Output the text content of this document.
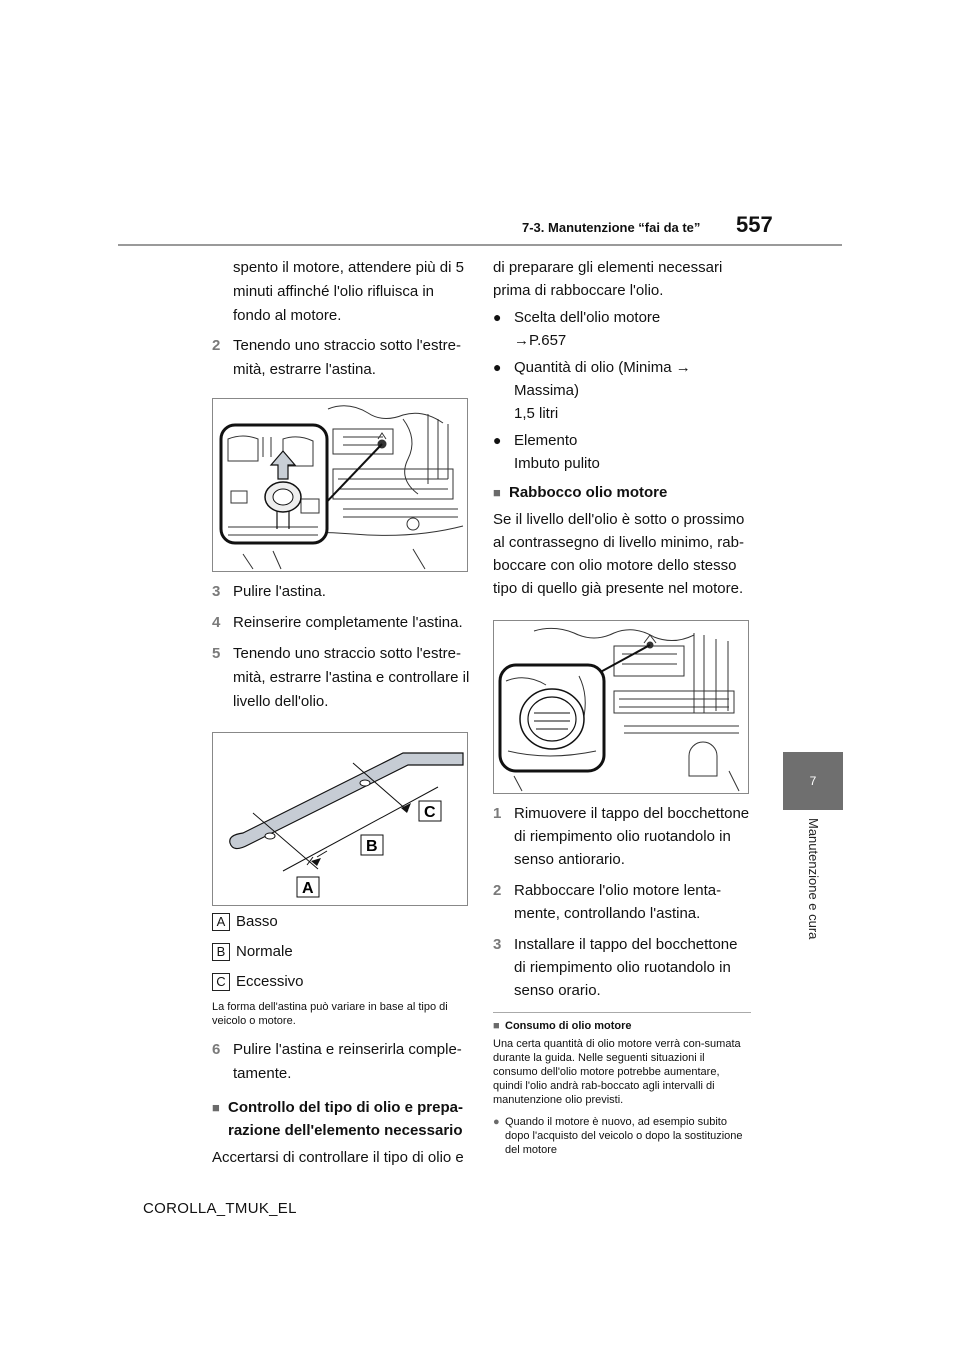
7-3. Manutenzione “fai da te” 557
7
Manutenzione e cura

spento il motore, attendere più di 5 minuti affinché l'olio rifluisca in fondo al motore.

2 Tenendo uno straccio sotto l'estre-mità, estrarre l'astina.
3 Pulire l'astina.
4 Reinserire completamente l'astina.
5 Tenendo uno straccio sotto l'estre-mità, estrarre l'astina e controllare il livello dell'olio.
C
B
A
A Basso
B Normale
C Eccessivo

La forma dell'astina può variare in base al tipo di veicolo o motore.

6 Pulire l'astina e reinserirla comple-tamente.
■ Controllo del tipo di olio e prepa-razione dell'elemento necessario

Accertarsi di controllare il tipo di olio e

di preparare gli elementi necessari prima di rabboccare l'olio.

● Scelta dell'olio motore
→P.657
● Quantità di olio (Minima → Massima)
1,5 litri
● Elemento
Imbuto pulito
■ Rabbocco olio motore

Se il livello dell'olio è sotto o prossimo al contrassegno di livello minimo, rab-boccare con olio motore dello stesso tipo di quello già presente nel motore.

1 Rimuovere il tappo del bocchettone di riempimento olio ruotandolo in senso antiorario.
2 Rabboccare l'olio motore lenta-mente, controllando l'astina.
3 Installare il tappo del bocchettone di riempimento olio ruotandolo in senso orario.
■ Consumo di olio motore

Una certa quantità di olio motore verrà con-sumata durante la guida. Nelle seguenti situazioni il consumo dell'olio motore potrebbe aumentare, quindi l'olio andrà rab-boccato agli intervalli di manutenzione olio previsti.

● Quando il motore è nuovo, ad esempio subito dopo l'acquisto del veicolo o dopo la sostituzione del motore
COROLLA_TMUK_EL
